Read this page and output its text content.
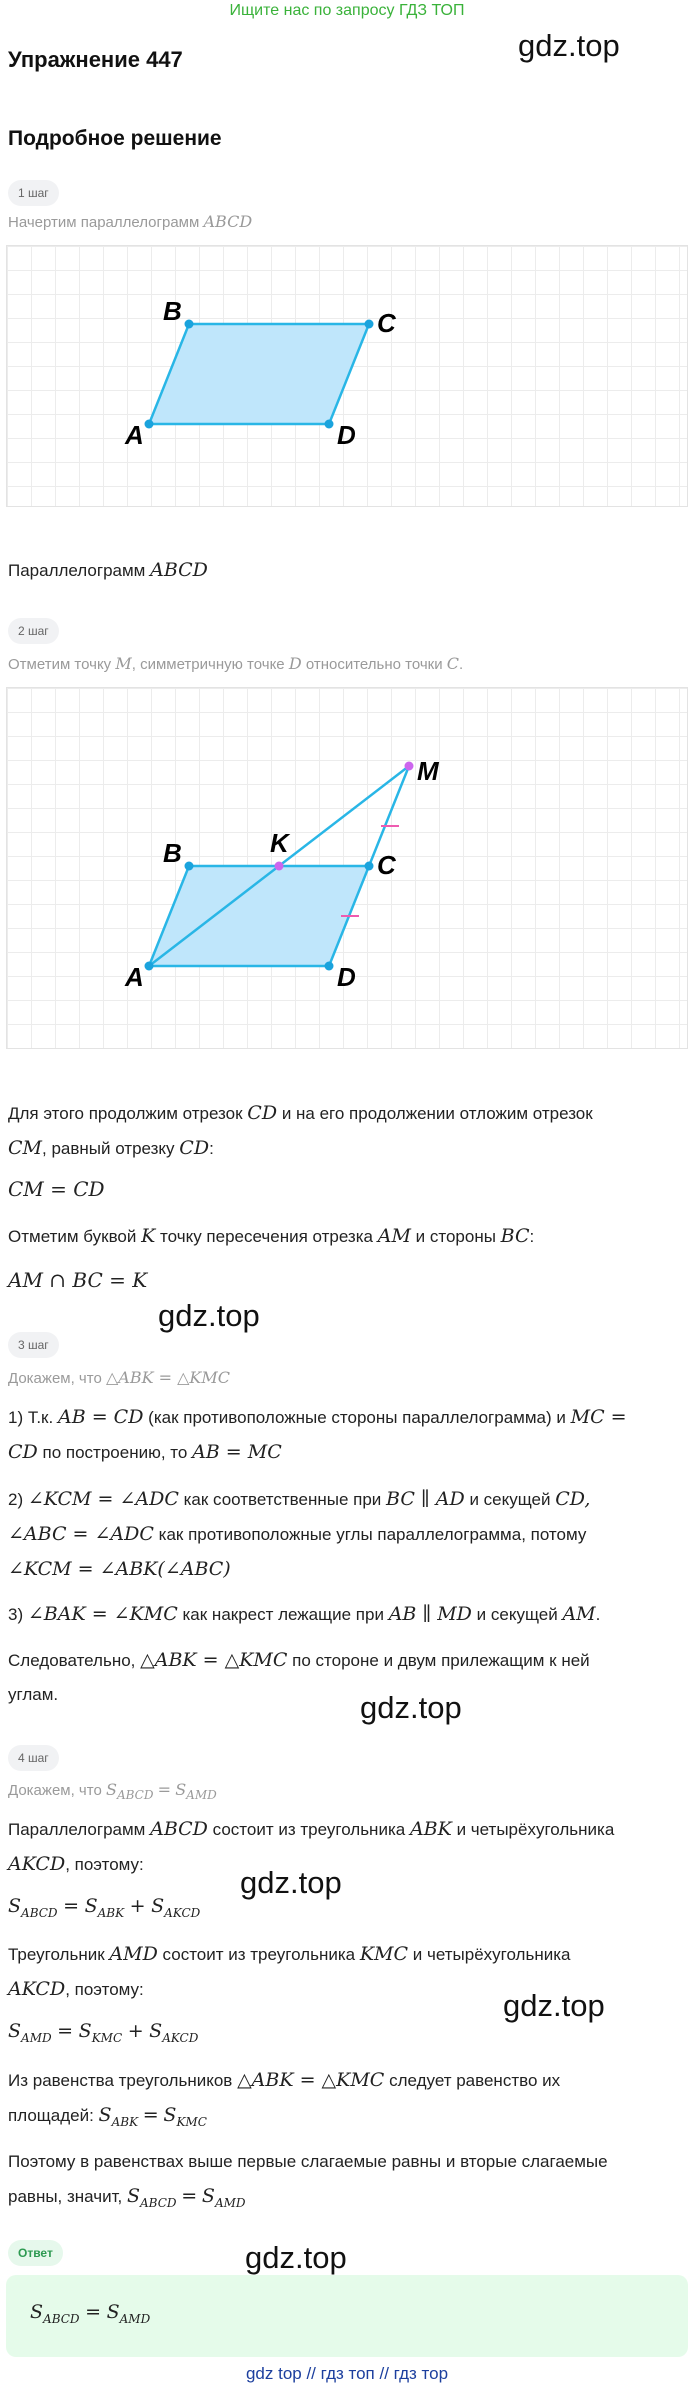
Ищите нас по запросу ГДЗ ТОП
Упражнение 447
Подробное решение
gdz.top
gdz.top
gdz.top
gdz.top
gdz.top
gdz.top
1 шаг
Начертим параллелограмм ABCD
A
B	C
D
Параллелограмм ABCD
2 шаг
Отметим точку M, симметричную точке D относительно точки C.
A
B	C
D
K
M
Для этого продолжим отрезок CD и на его продолжении отложим отрезок
CM, равный отрезку CD:
CM = CD
Отметим буквой K точку пересечения отрезка AM и стороны BC:
AM ∩ BC = K
3 шаг
Докажем, что △ABK = △KMC
1) Т.к. AB = CD (как противоположные стороны параллелограмма) и MC =
CD по построению, то AB = MC
2) ∠KCM = ∠ADC как соответственные при BC ∥ AD и секущей CD,
∠ABC = ∠ADC как противоположные углы параллелограмма, потому
∠KCM = ∠ABK(∠ABC)
3) ∠BAK = ∠KMC как накрест лежащие при AB ∥ MD и секущей AM.
Следовательно, △ABK = △KMC по стороне и двум прилежащим к ней
углам.
4 шаг
Докажем, что $S_{ABCD} = S_{AMD}$
Параллелограмм ABCD состоит из треугольника ABK и четырёхугольника
AKCD, поэтому:
$S_{ABCD} = S_{ABK} + S_{AKCD}$
Треугольник AMD состоит из треугольника KMC и четырёхугольника
AKCD, поэтому:
$S_{AMD} = S_{KMC} + S_{AKCD}$
Из равенства треугольников △ABK = △KMC следует равенство их
площадей: $S_{ABK} = S_{KMC}$
Поэтому в равенствах выше первые слагаемые равны и вторые слагаемые
равны, значит, $S_{ABCD} = S_{AMD}$
Ответ
$S_{ABCD} = S_{AMD}$
gdz top // гдз топ // гдз тор
